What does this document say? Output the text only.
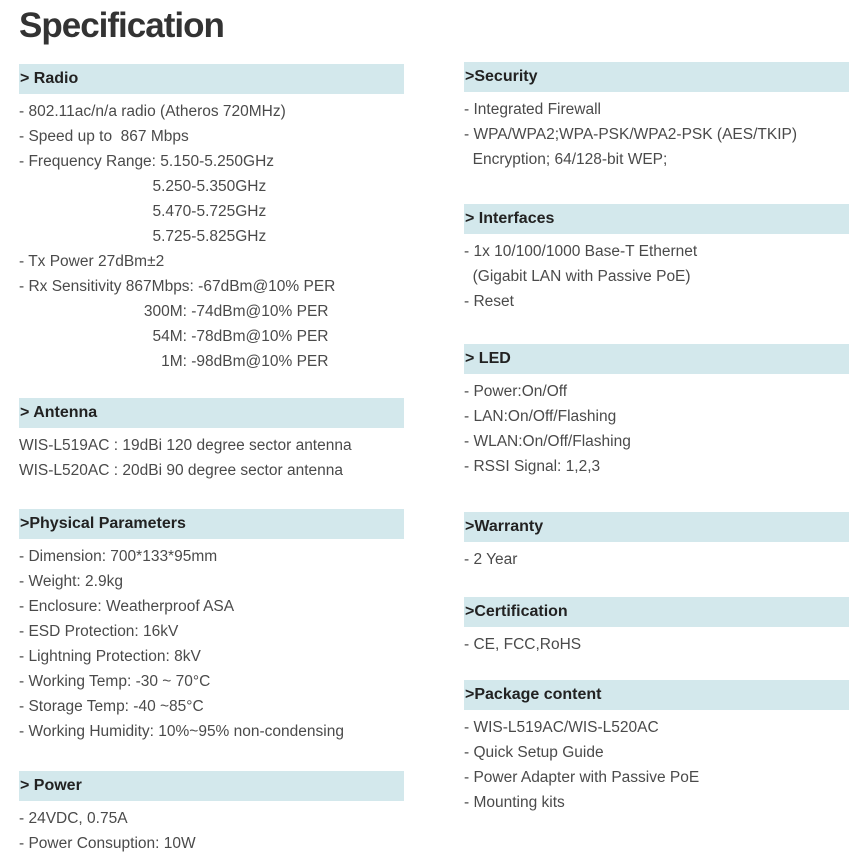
Specification
> Radio
- 802.11ac/n/a radio (Atheros 720MHz)
- Speed up to  867 Mbps
- Frequency Range: 5.150-5.250GHz
5.250-5.350GHz
5.470-5.725GHz
5.725-5.825GHz
- Tx Power 27dBm±2
- Rx Sensitivity 867Mbps: -67dBm@10% PER
300M: -74dBm@10% PER
54M: -78dBm@10% PER
1M: -98dBm@10% PER
> Antenna
WIS-L519AC : 19dBi 120 degree sector antenna
WIS-L520AC : 20dBi 90 degree sector antenna
>Physical Parameters
- Dimension: 700*133*95mm
- Weight: 2.9kg
- Enclosure: Weatherproof ASA
- ESD Protection: 16kV
- Lightning Protection: 8kV
- Working Temp: -30 ~ 70°C
- Storage Temp: -40 ~85°C
- Working Humidity: 10%~95% non-condensing
> Power
- 24VDC, 0.75A
- Power Consuption: 10W
>Security
- Integrated Firewall
- WPA/WPA2;WPA-PSK/WPA2-PSK (AES/TKIP)
Encryption; 64/128-bit WEP;
> Interfaces
- 1x 10/100/1000 Base-T Ethernet
(Gigabit LAN with Passive PoE)
- Reset
> LED
- Power:On/Off
- LAN:On/Off/Flashing
- WLAN:On/Off/Flashing
- RSSI Signal: 1,2,3
>Warranty
- 2 Year
>Certification
- CE, FCC,RoHS
>Package content
- WIS-L519AC/WIS-L520AC
- Quick Setup Guide
- Power Adapter with Passive PoE
- Mounting kits
